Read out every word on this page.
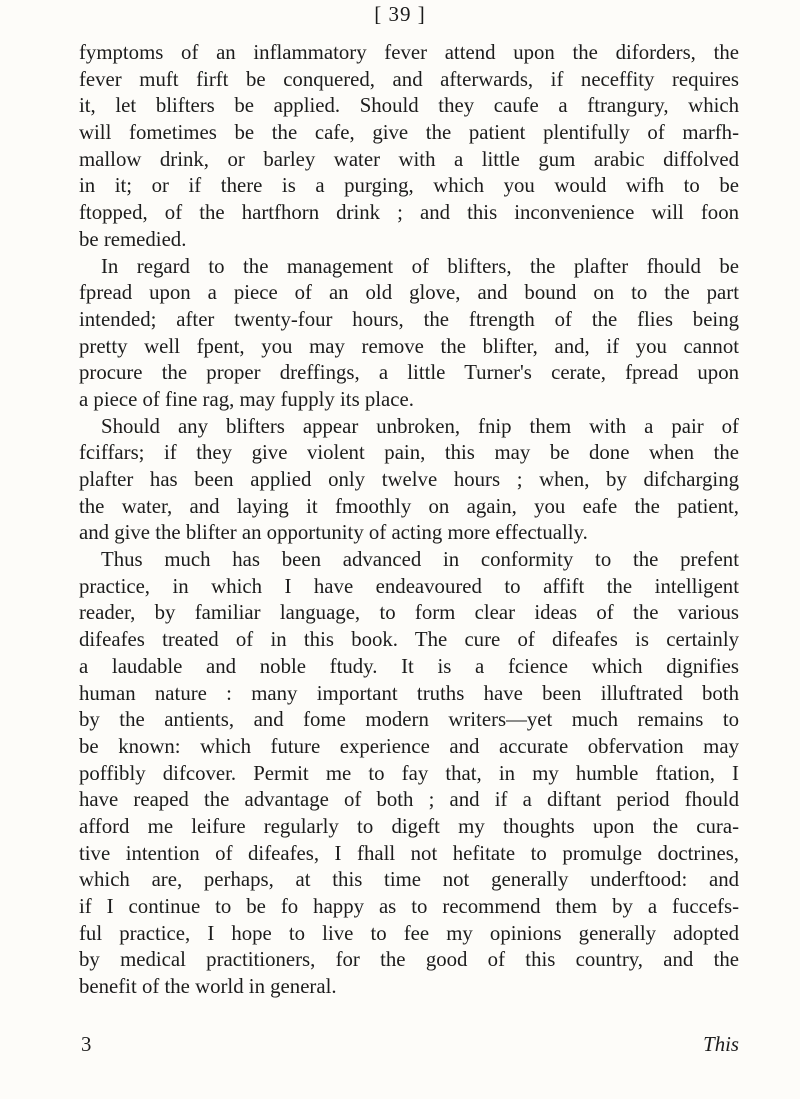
[ 39 ]
fymptoms of an inflammatory fever attend upon the diforders, the
fever muft firft be conquered, and afterwards, if neceffity requires
it, let blifters be applied. Should they caufe a ftrangury, which
will fometimes be the cafe, give the patient plentifully of marfh-
mallow drink, or barley water with a little gum arabic diffolved
in it; or if there is a purging, which you would wifh to be
ftopped, of the hartfhorn drink ; and this inconvenience will foon
be remedied.
In regard to the management of blifters, the plafter fhould be
fpread upon a piece of an old glove, and bound on to the part
intended; after twenty-four hours, the ftrength of the flies being
pretty well fpent, you may remove the blifter, and, if you cannot
procure the proper dreffings, a little Turner's cerate, fpread upon
a piece of fine rag, may fupply its place.
Should any blifters appear unbroken, fnip them with a pair of
fciffars; if they give violent pain, this may be done when the
plafter has been applied only twelve hours ; when, by difcharging
the water, and laying it fmoothly on again, you eafe the patient,
and give the blifter an opportunity of acting more effectually.
Thus much has been advanced in conformity to the prefent
practice, in which I have endeavoured to affift the intelligent
reader, by familiar language, to form clear ideas of the various
difeafes treated of in this book. The cure of difeafes is certainly
a laudable and noble ftudy. It is a fcience which dignifies
human nature : many important truths have been illuftrated both
by the antients, and fome modern writers—yet much remains to
be known: which future experience and accurate obfervation may
poffibly difcover. Permit me to fay that, in my humble ftation, I
have reaped the advantage of both ; and if a diftant period fhould
afford me leifure regularly to digeft my thoughts upon the cura-
tive intention of difeafes, I fhall not hefitate to promulge doctrines,
which are, perhaps, at this time not generally underftood: and
if I continue to be fo happy as to recommend them by a fuccefs-
ful practice, I hope to live to fee my opinions generally adopted
by medical practitioners, for the good of this country, and the
benefit of the world in general.
3	This
